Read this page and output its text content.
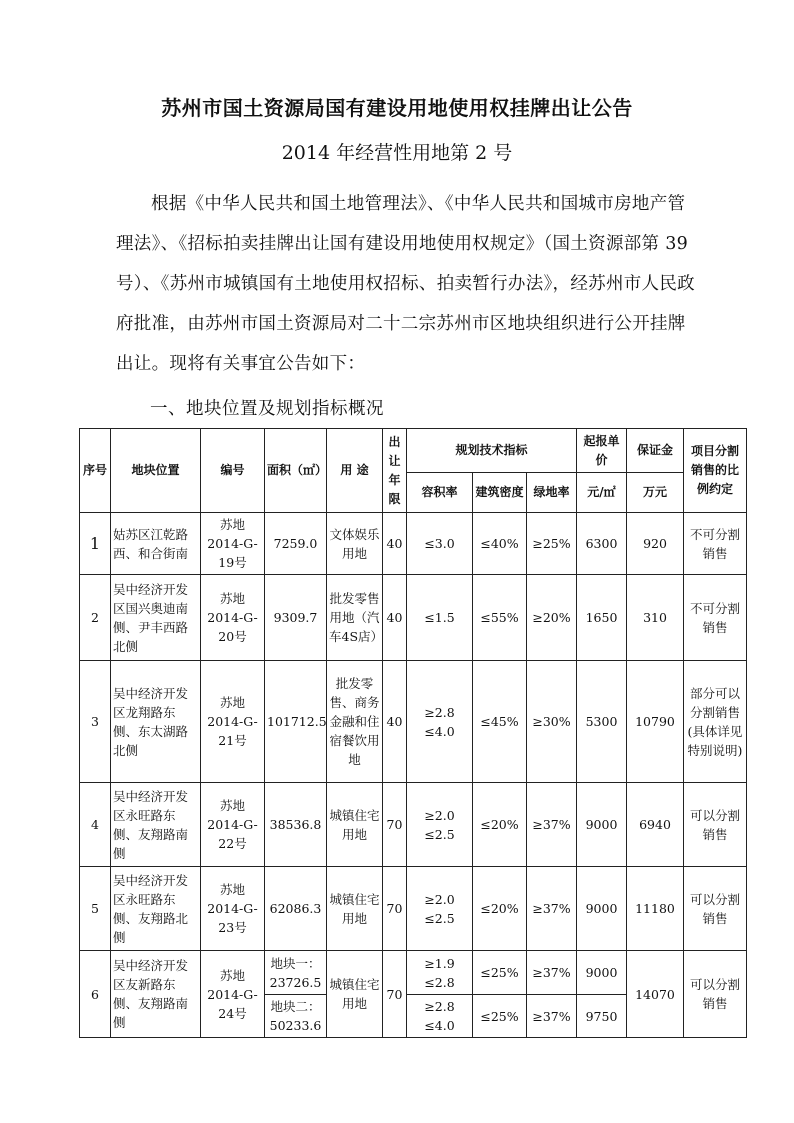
苏州市国土资源局国有建设用地使用权挂牌出让公告
2014 年经营性用地第 2 号
根据《中华人民共和国土地管理法》、《中华人民共和国城市房地产管理法》、《招标拍卖挂牌出让国有建设用地使用权规定》（国土资源部第 39 号）、《苏州市城镇国有土地使用权招标、拍卖暂行办法》，经苏州市人民政府批准，由苏州市国土资源局对二十二宗苏州市区地块组织进行公开挂牌出让。现将有关事宜公告如下：
一、地块位置及规划指标概况
序号	地块位置	编号	面积（㎡）	用 途	出让年限	规划技术指标			起报单价	保证金	项目分割销售的比例约定
						容积率	建筑密度	绿地率	元/㎡	万元	
1	姑苏区江乾路西、和合街南	苏地2014-G-19号	7259.0	文体娱乐用地	40	≤3.0	≤40%	≥25%	6300	920	不可分割销售
2	吴中经济开发区国兴奥迪南侧、尹丰西路北侧	苏地2014-G-20号	9309.7	批发零售用地（汽车4S店）	40	≤1.5	≤55%	≥20%	1650	310	不可分割销售
3	吴中经济开发区龙翔路东侧、东太湖路北侧	苏地2014-G-21号	101712.5	批发零售、商务金融和住宿餐饮用地	40	≥2.8 ≤4.0	≤45%	≥30%	5300	10790	部分可以分割销售(具体详见特别说明)
4	吴中经济开发区永旺路东侧、友翔路南侧	苏地2014-G-22号	38536.8	城镇住宅用地	70	≥2.0 ≤2.5	≤20%	≥37%	9000	6940	可以分割销售
5	吴中经济开发区永旺路东侧、友翔路北侧	苏地2014-G-23号	62086.3	城镇住宅用地	70	≥2.0 ≤2.5	≤20%	≥37%	9000	11180	可以分割销售
6	吴中经济开发区友新路东侧、友翔路南侧	苏地2014-G-24号	地块一：23726.5	城镇住宅用地	70	≥1.9 ≤2.8	≤25%	≥37%	9000	14070	可以分割销售
			地块二：50233.6			≥2.8 ≤4.0	≤25%	≥37%	9750		
